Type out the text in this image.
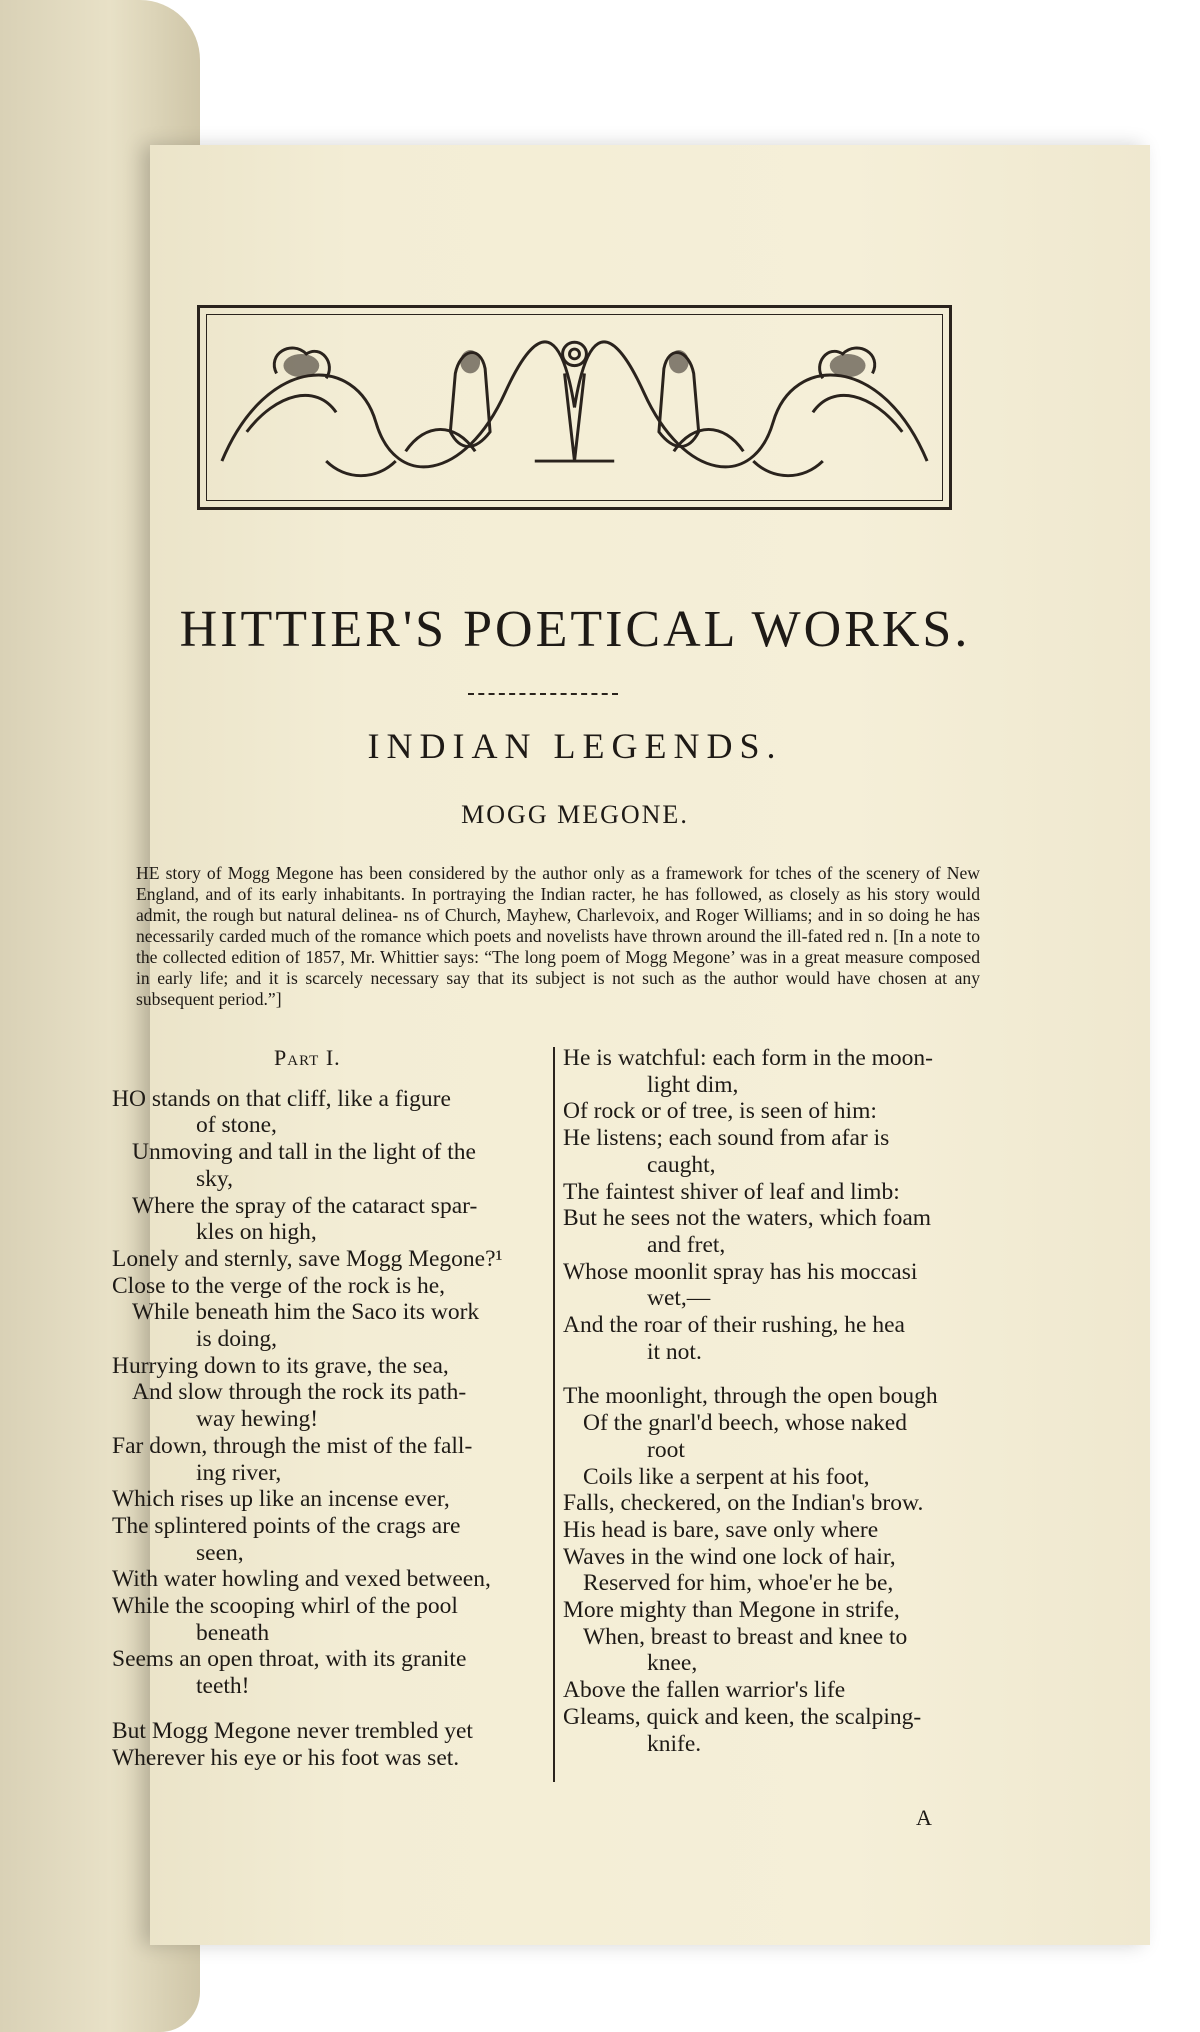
HITTIER'S POETICAL WORKS.
INDIAN LEGENDS.
MOGG MEGONE.

HE story of Mogg Megone has been considered by the author only as a framework for tches of the scenery of New England, and of its early inhabitants. In portraying the Indian racter, he has followed, as closely as his story would admit, the rough but natural delinea- ns of Church, Mayhew, Charlevoix, and Roger Williams; and in so doing he has necessarily carded much of the romance which poets and novelists have thrown around the ill-fated red n. [In a note to the collected edition of 1857, Mr. Whittier says: “The long poem of Mogg Megone’ was in a great measure composed in early life; and it is scarcely necessary say that its subject is not such as the author would have chosen at any subsequent period.”]

Part I.
HO stands on that cliff, like a figure
of stone,
Unmoving and tall in the light of the
sky,
Where the spray of the cataract spar-
kles on high,
Lonely and sternly, save Mogg Megone?¹
Close to the verge of the rock is he,
While beneath him the Saco its work
is doing,
Hurrying down to its grave, the sea,
And slow through the rock its path-
way hewing!
Far down, through the mist of the fall-
ing river,
Which rises up like an incense ever,
The splintered points of the crags are
seen,
With water howling and vexed between,
While the scooping whirl of the pool
beneath
Seems an open throat, with its granite
teeth!
But Mogg Megone never trembled yet
Wherever his eye or his foot was set.
He is watchful: each form in the moon-
light dim,
Of rock or of tree, is seen of him:
He listens; each sound from afar is
caught,
The faintest shiver of leaf and limb:
But he sees not the waters, which foam
and fret,
Whose moonlit spray has his moccasi
wet,—
And the roar of their rushing, he hea
it not.
The moonlight, through the open bough
Of the gnarl'd beech, whose naked
root
Coils like a serpent at his foot,
Falls, checkered, on the Indian's brow.
His head is bare, save only where
Waves in the wind one lock of hair,
Reserved for him, whoe'er he be,
More mighty than Megone in strife,
When, breast to breast and knee to
knee,
Above the fallen warrior's life
Gleams, quick and keen, the scalping-
knife.
A
